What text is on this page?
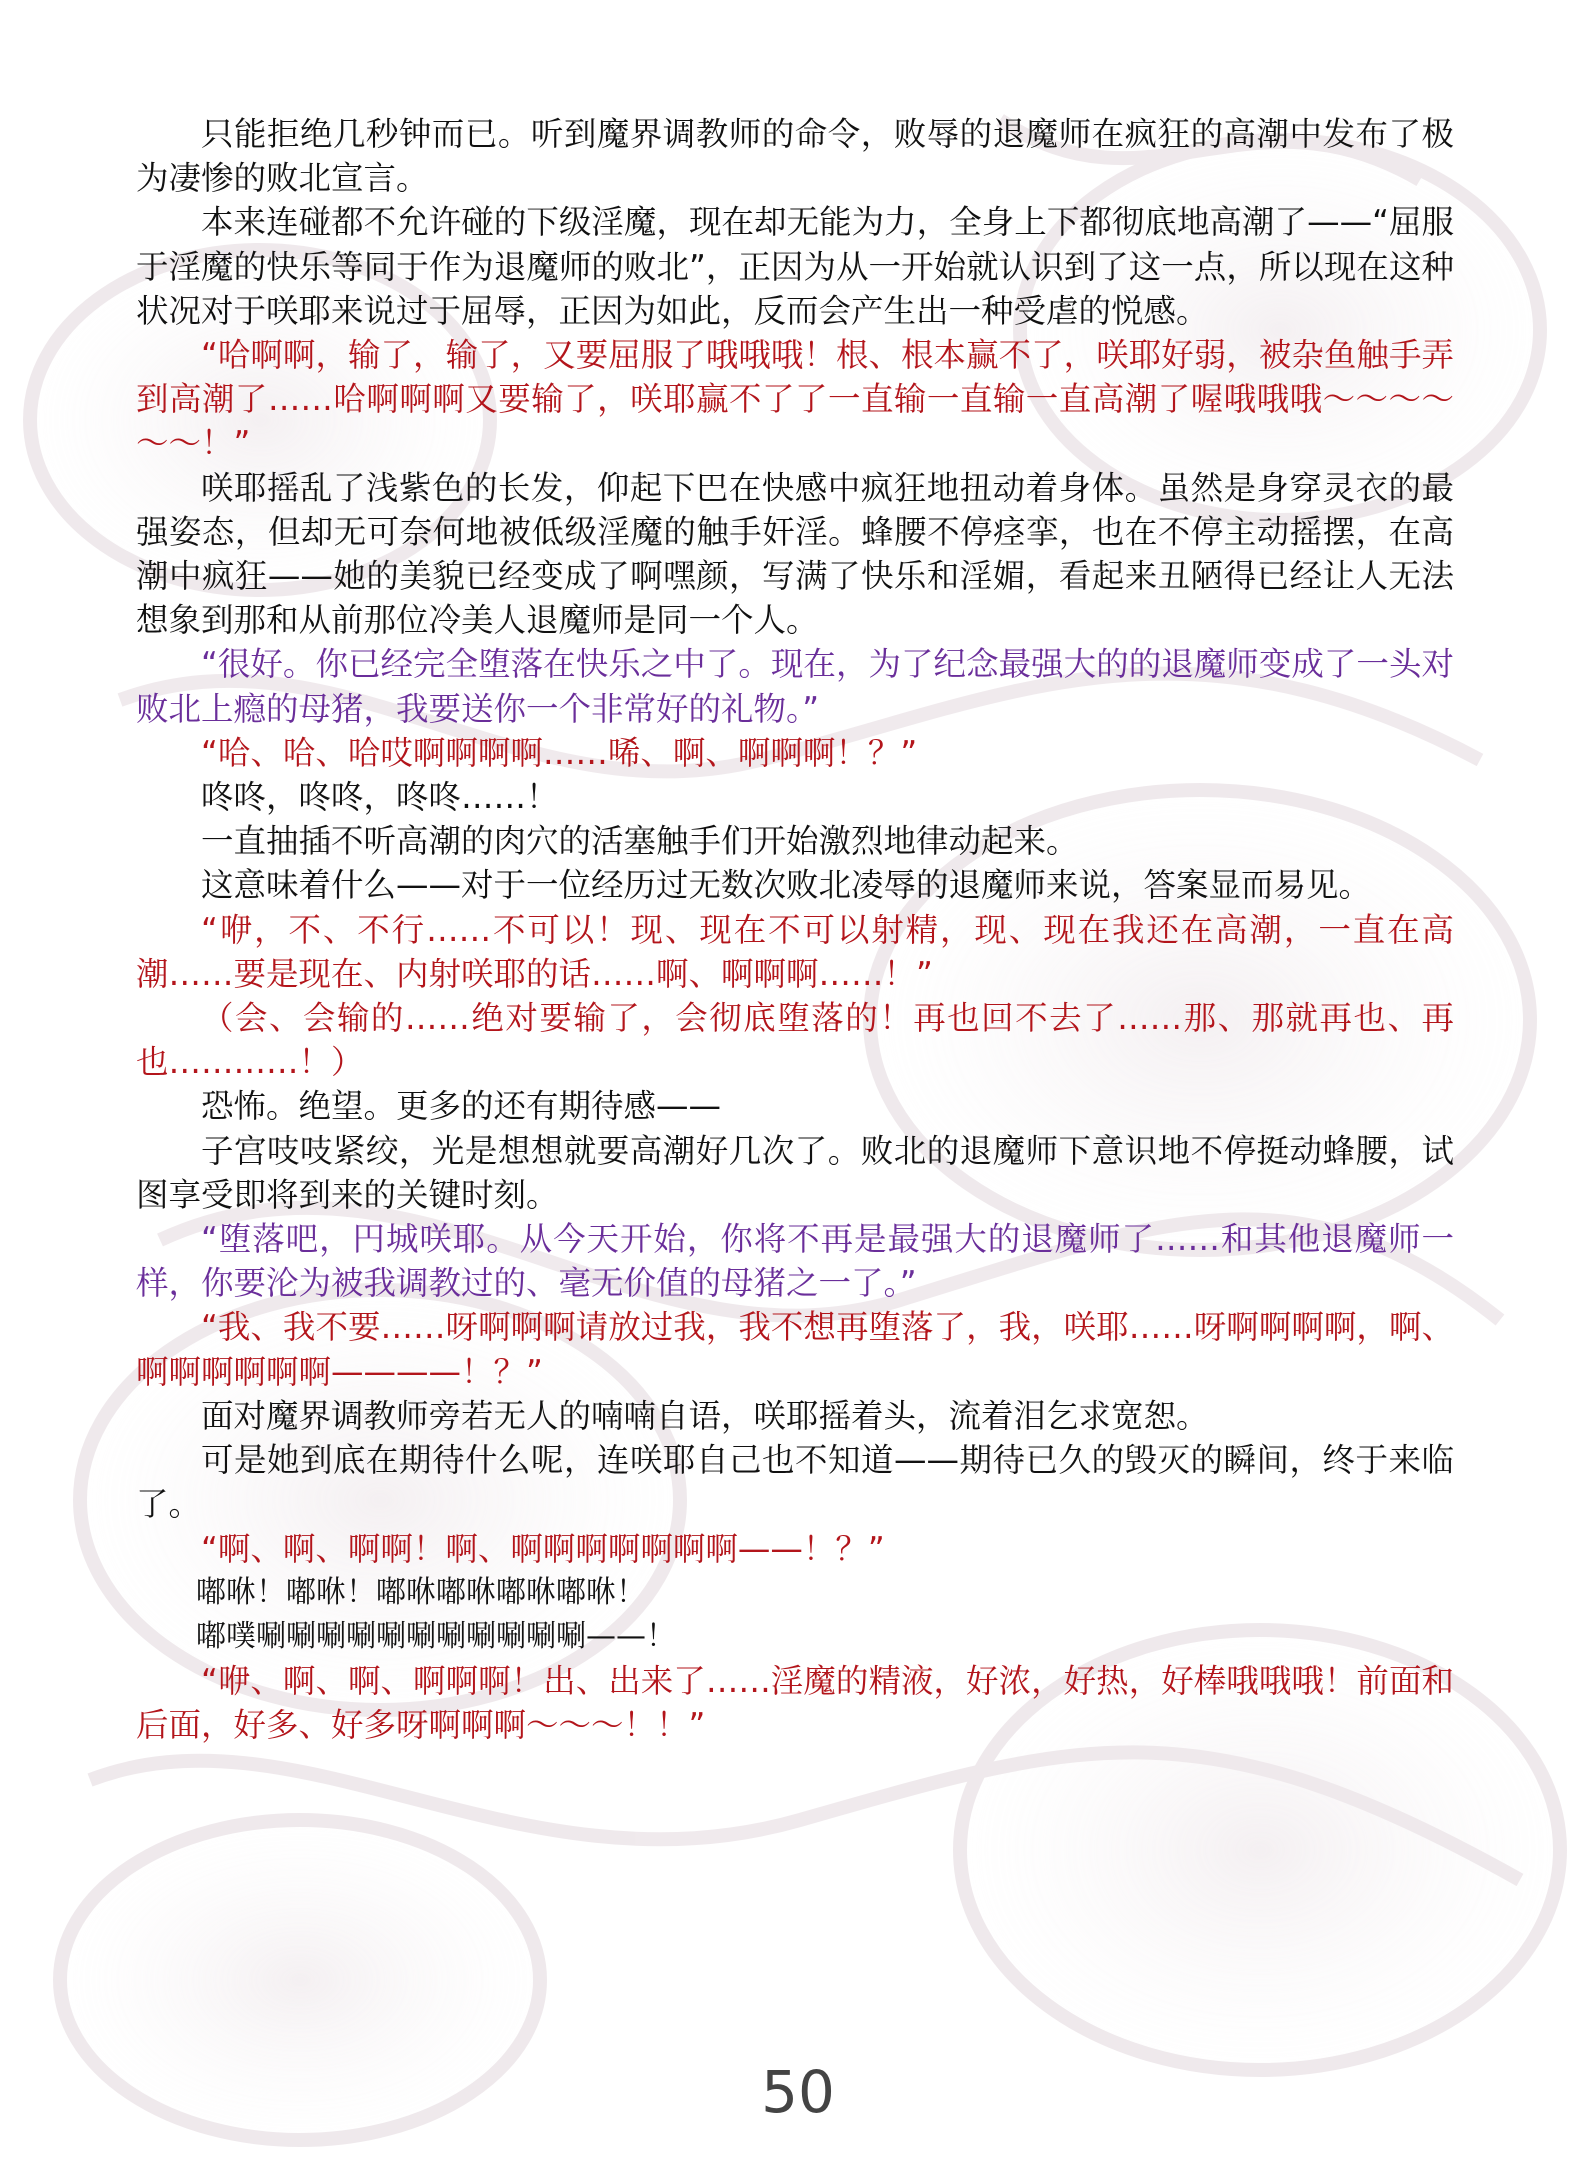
只能拒绝几秒钟而已。听到魔界调教师的命令，败辱的退魔师在疯狂的高潮中发布了极为凄惨的败北宣言。

本来连碰都不允许碰的下级淫魔，现在却无能为力，全身上下都彻底地高潮了——“屈服于淫魔的快乐等同于作为退魔师的败北”，正因为从一开始就认识到了这一点，所以现在这种状况对于咲耶来说过于屈辱，正因为如此，反而会产生出一种受虐的悦感。

“哈啊啊，输了，输了，又要屈服了哦哦哦！根、根本赢不了，咲耶好弱，被杂鱼触手弄到高潮了……哈啊啊啊又要输了，咲耶赢不了了一直输一直输一直高潮了喔哦哦哦～～～～～～！”

咲耶摇乱了浅紫色的长发，仰起下巴在快感中疯狂地扭动着身体。虽然是身穿灵衣的最强姿态，但却无可奈何地被低级淫魔的触手奸淫。蜂腰不停痉挛，也在不停主动摇摆，在高潮中疯狂——她的美貌已经变成了啊嘿颜，写满了快乐和淫媚，看起来丑陋得已经让人无法想象到那和从前那位冷美人退魔师是同一个人。

“很好。你已经完全堕落在快乐之中了。现在，为了纪念最强大的的退魔师变成了一头对败北上瘾的母猪，我要送你一个非常好的礼物。”

“哈、哈、哈哎啊啊啊啊……唏、啊、啊啊啊！？”

咚咚，咚咚，咚咚……！

一直抽插不听高潮的肉穴的活塞触手们开始激烈地律动起来。

这意味着什么——对于一位经历过无数次败北凌辱的退魔师来说，答案显而易见。

“咿，不、不行……不可以！现、现在不可以射精，现、现在我还在高潮，一直在高潮……要是现在、内射咲耶的话……啊、啊啊啊……！”

（会、会输的……绝对要输了，会彻底堕落的！再也回不去了……那、那就再也、再也…………！）

恐怖。绝望。更多的还有期待感——

子宫吱吱紧绞，光是想想就要高潮好几次了。败北的退魔师下意识地不停挺动蜂腰，试图享受即将到来的关键时刻。

“堕落吧，円城咲耶。从今天开始，你将不再是最强大的退魔师了……和其他退魔师一样，你要沦为被我调教过的、毫无价值的母猪之一了。”

“我、我不要……呀啊啊啊请放过我，我不想再堕落了，我，咲耶……呀啊啊啊啊，啊、啊啊啊啊啊啊————！？”

面对魔界调教师旁若无人的喃喃自语，咲耶摇着头，流着泪乞求宽恕。

可是她到底在期待什么呢，连咲耶自己也不知道——期待已久的毁灭的瞬间，终于来临了。

“啊、啊、啊啊！啊、啊啊啊啊啊啊啊——！？”

嘟咻！嘟咻！嘟咻嘟咻嘟咻嘟咻！

嘟噗唰唰唰唰唰唰唰唰唰唰唰——！

“咿、啊、啊、啊啊啊！出、出来了……淫魔的精液，好浓，好热，好棒哦哦哦！前面和后面，好多、好多呀啊啊啊～～～！！”

50
